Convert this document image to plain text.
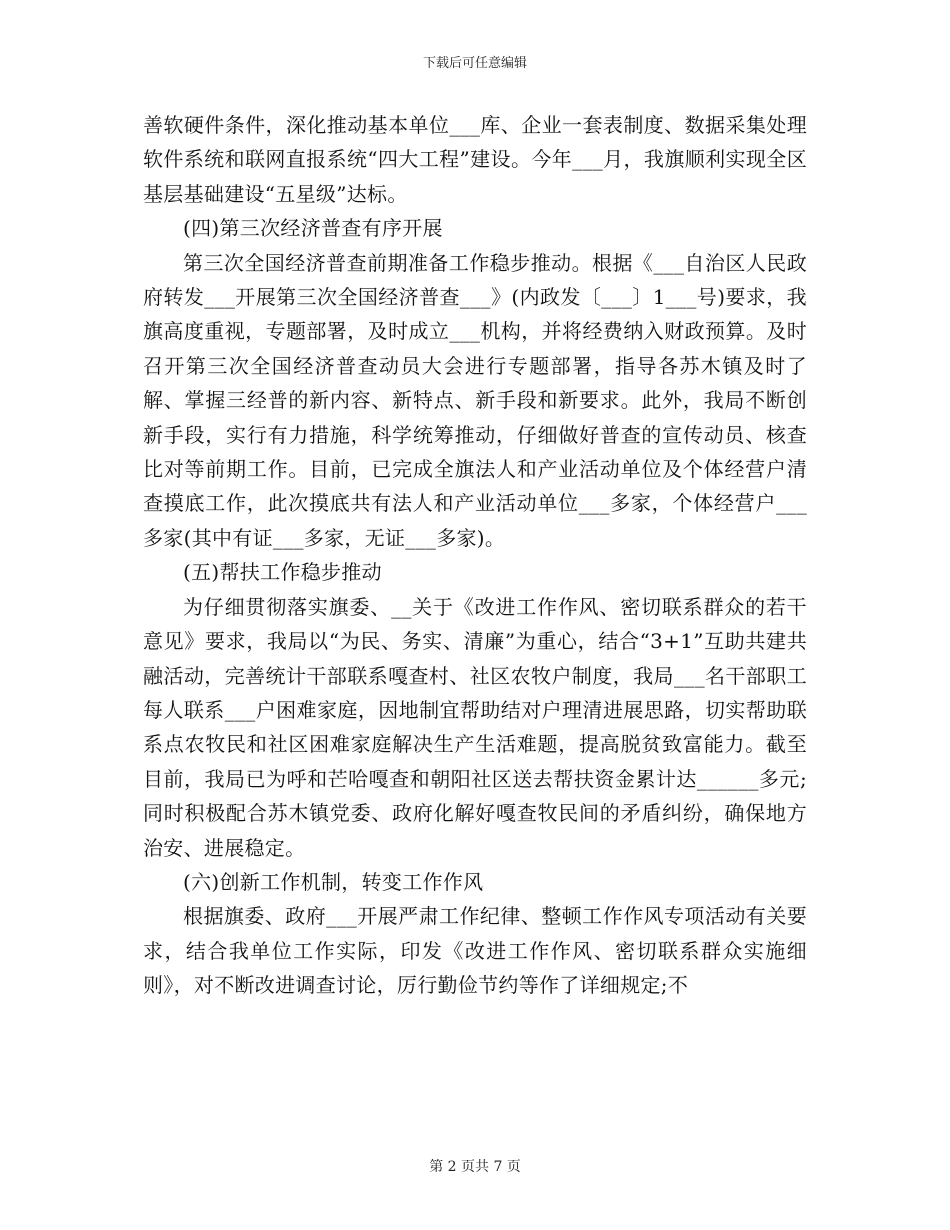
下载后可任意编辑

善软硬件条件，深化推动基本单位___库、企业一套表制度、数据采集处理软件系统和联网直报系统“四大工程”建设。今年___月，我旗顺利实现全区基层基础建设“五星级”达标。

(四)第三次经济普查有序开展

第三次全国经济普查前期准备工作稳步推动。根据《___自治区人民政府转发___开展第三次全国经济普查___》(内政发〔___〕1___号)要求，我旗高度重视，专题部署，及时成立___机构，并将经费纳入财政预算。及时召开第三次全国经济普查动员大会进行专题部署，指导各苏木镇及时了解、掌握三经普的新内容、新特点、新手段和新要求。此外，我局不断创新手段，实行有力措施，科学统筹推动，仔细做好普查的宣传动员、核查比对等前期工作。目前，已完成全旗法人和产业活动单位及个体经营户清查摸底工作，此次摸底共有法人和产业活动单位___多家，个体经营户___多家(其中有证___多家，无证___多家)。

(五)帮扶工作稳步推动

为仔细贯彻落实旗委、__关于《改进工作作风、密切联系群众的若干意见》要求，我局以“为民、务实、清廉”为重心，结合“3+1”互助共建共融活动，完善统计干部联系嘎查村、社区农牧户制度，我局___名干部职工每人联系___户困难家庭，因地制宜帮助结对户理清进展思路，切实帮助联系点农牧民和社区困难家庭解决生产生活难题，提高脱贫致富能力。截至目前，我局已为呼和芒哈嘎查和朝阳社区送去帮扶资金累计达______多元;同时积极配合苏木镇党委、政府化解好嘎查牧民间的矛盾纠纷，确保地方治安、进展稳定。

(六)创新工作机制，转变工作作风

根据旗委、政府___开展严肃工作纪律、整顿工作作风专项活动有关要求，结合我单位工作实际，印发《改进工作作风、密切联系群众实施细则》，对不断改进调查讨论，厉行勤俭节约等作了详细规定;不

第 2 页共 7 页
